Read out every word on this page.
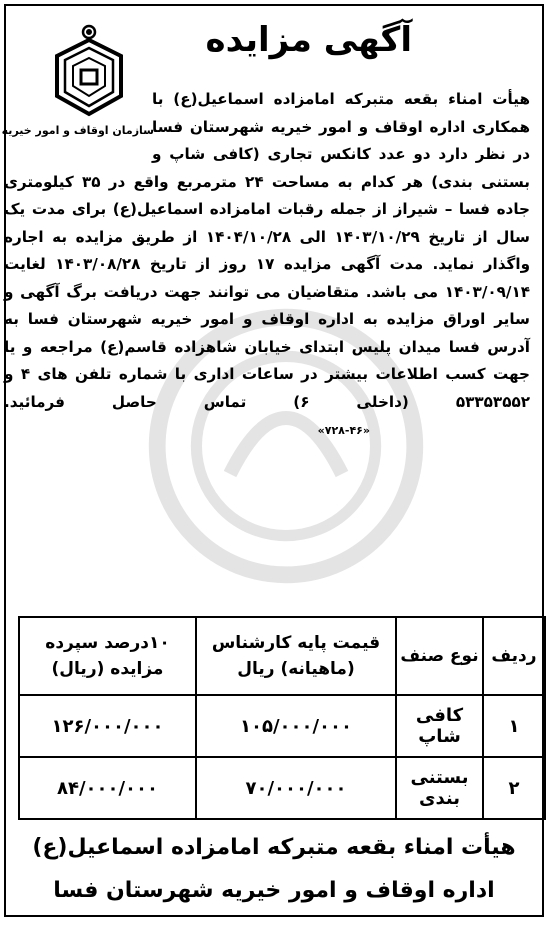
سازمان اوقاف و امور خیریه
آگهی مزایده
هیأت امناء بقعه متبرکه امامزاده اسماعیل(ع) با همکاری اداره اوقاف و امور خیریه شهرستان فسا در نظر دارد دو عدد کانکس تجاری (کافی شاپ و بستنی بندی) هر کدام به مساحت ۲۴ مترمربع واقع در ۳۵ کیلومتری جاده فسا – شیراز از جمله رقبات امامزاده اسماعیل(ع) برای مدت یک سال از تاریخ ۱۴۰۳/۱۰/۲۹ الی ۱۴۰۴/۱۰/۲۸ از طریق مزایده به اجاره واگذار نماید. مدت آگهی مزایده ۱۷ روز از تاریخ ۱۴۰۳/۰۸/۲۸ لغایت ۱۴۰۳/۰۹/۱۴ می باشد. متقاضیان می توانند جهت دریافت برگ آگهی و سایر اوراق مزایده به اداره اوقاف و امور خیریه شهرستان فسا به آدرس فسا میدان پلیس ابتدای خیابان شاهزاده قاسم(ع) مراجعه و یا جهت کسب اطلاعات بیشتر در ساعات اداری با شماره تلفن های ۴ و ۵۳۳۵۳۵۵۲ (داخلی ۶) تماس حاصل فرمائید. «۷۲۸-۴۶»
ردیف	نوع صنف	قیمت پایه کارشناس (ماهیانه) ریال	۱۰درصد سپرده مزایده (ریال)
۱	کافی شاپ	۱۰۵/۰۰۰/۰۰۰	۱۲۶/۰۰۰/۰۰۰
۲	بستنی بندی	۷۰/۰۰۰/۰۰۰	۸۴/۰۰۰/۰۰۰
هیأت امناء بقعه متبرکه امامزاده اسماعیل(ع)
اداره اوقاف و امور خیریه شهرستان فسا
